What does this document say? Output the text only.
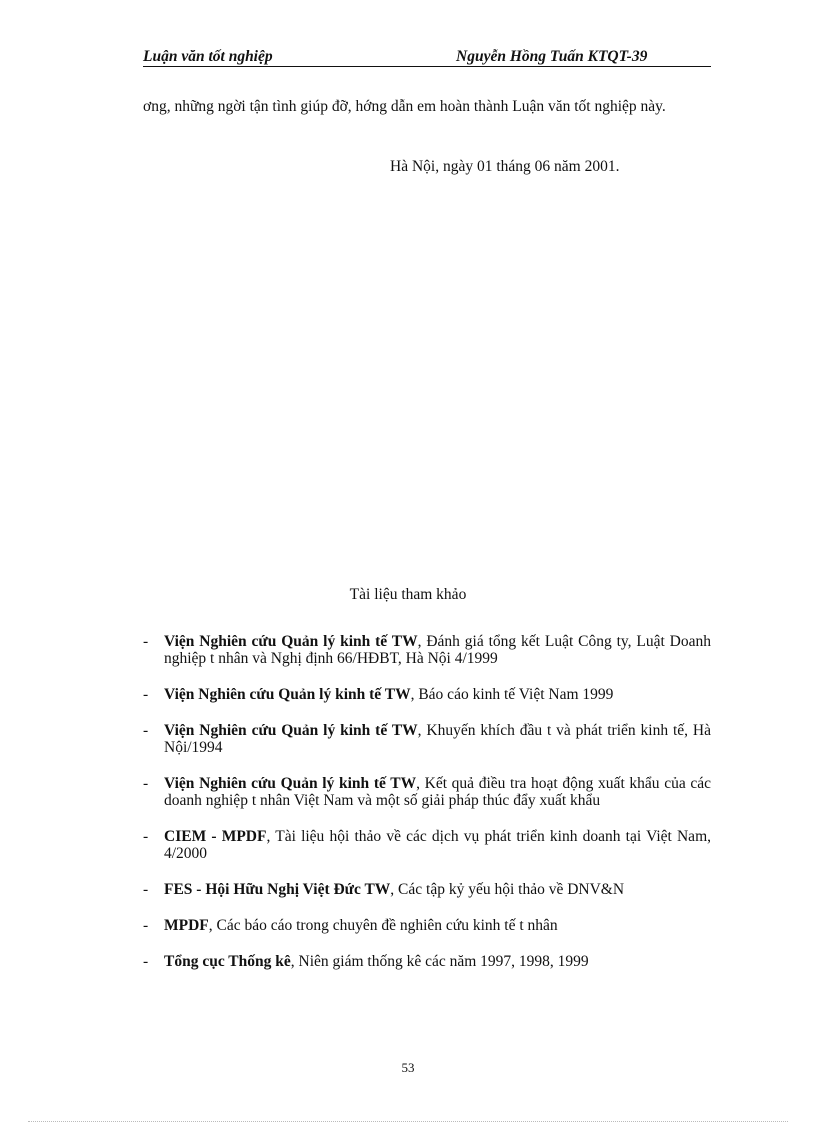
Luận văn tốt nghiệp	Nguyễn Hồng Tuấn KTQT-39
ơng, những ngời tận tình giúp đỡ, hớng dẫn em hoàn thành Luận văn tốt nghiệp này.
Hà Nội, ngày 01 tháng 06 năm 2001.
Tài liệu tham khảo
- Viện Nghiên cứu Quản lý kinh tế TW, Đánh giá tổng kết Luật Công ty, Luật Doanh nghiệp t nhân và Nghị định 66/HĐBT, Hà Nội 4/1999
- Viện Nghiên cứu Quản lý kinh tế TW, Báo cáo kinh tế Việt Nam 1999
- Viện Nghiên cứu Quản lý kinh tế TW, Khuyến khích đầu t và phát triển kinh tế, Hà Nội/1994
- Viện Nghiên cứu Quản lý kinh tế TW, Kết quả điều tra hoạt động xuất khẩu của các doanh nghiệp t nhân Việt Nam và một số giải pháp thúc đẩy xuất khẩu
- CIEM - MPDF, Tài liệu hội thảo về các dịch vụ phát triển kinh doanh tại Việt Nam, 4/2000
- FES - Hội Hữu Nghị Việt Đức TW, Các tập kỷ yếu hội thảo về DNV&N
- MPDF, Các báo cáo trong chuyên đề nghiên cứu kinh tế t nhân
- Tổng cục Thống kê, Niên giám thống kê các năm 1997, 1998, 1999
53
